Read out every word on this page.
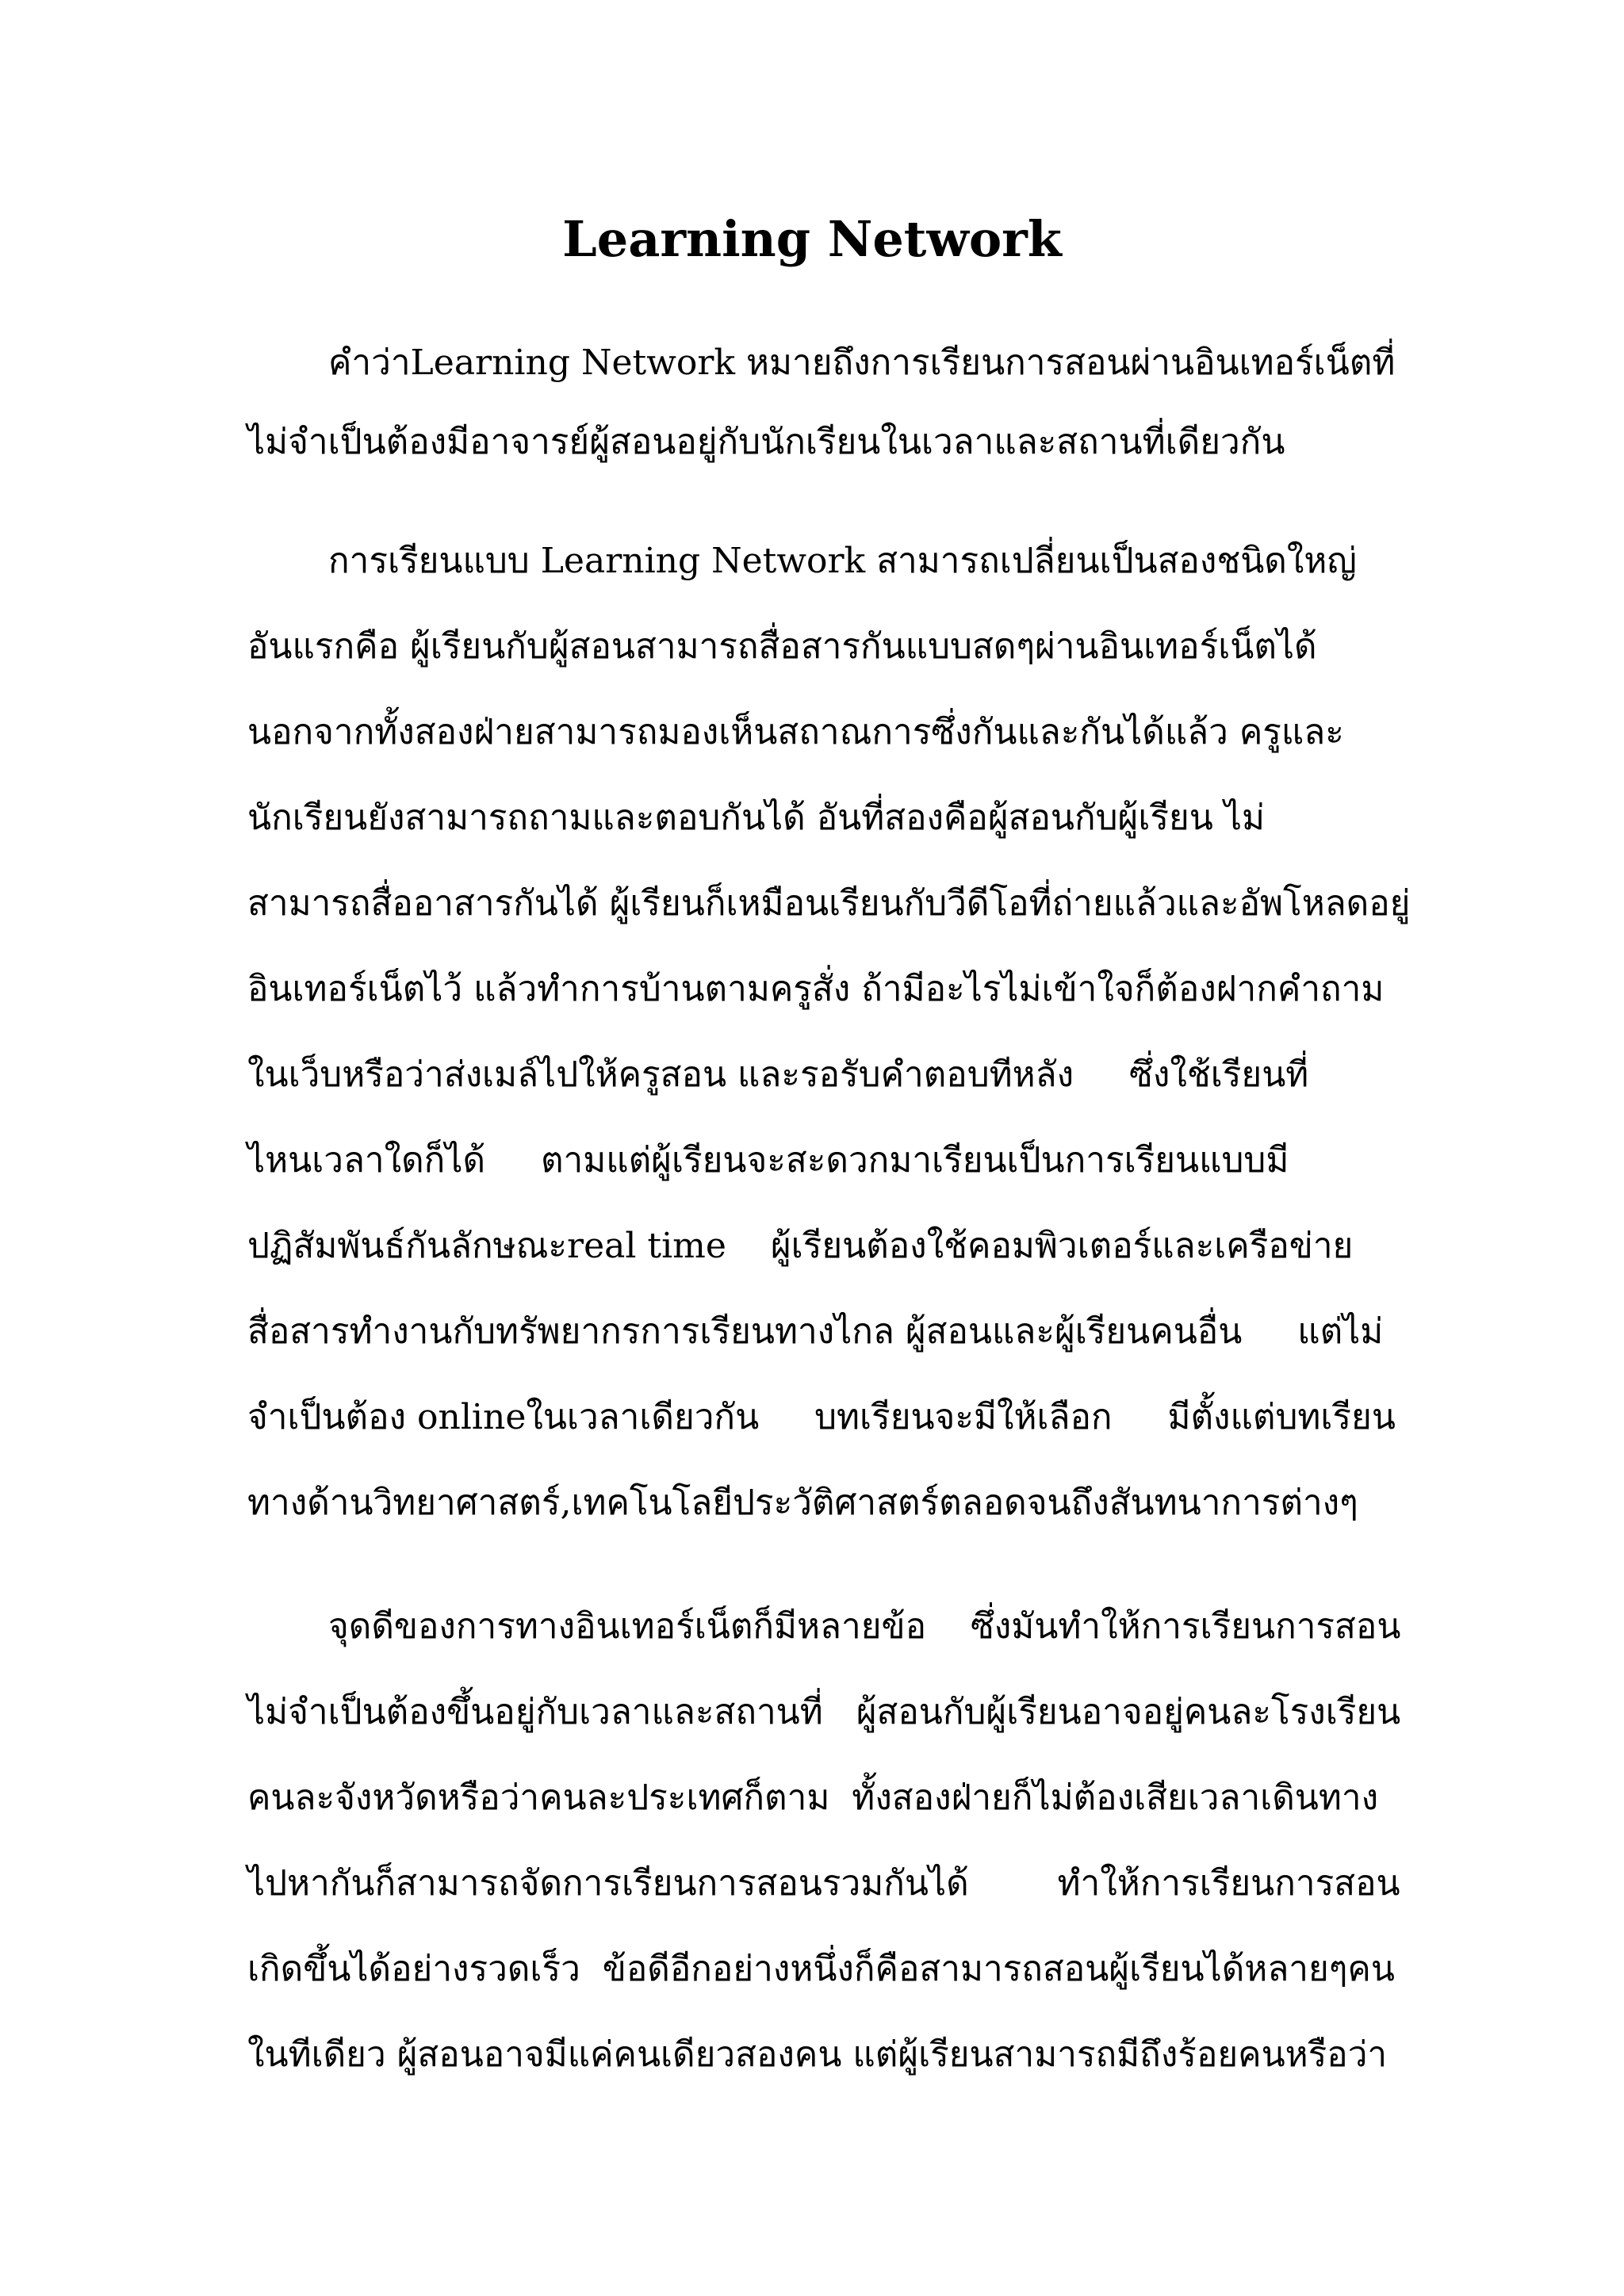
Learning Network
คำว่าLearning Network หมายถึงการเรียนการสอนผ่านอินเทอร์เน็ตที่
ไม่จำเป็นต้องมีอาจารย์ผู้สอนอยู่กับนักเรียนในเวลาและสถานที่เดียวกัน
การเรียนแบบ Learning Network สามารถเปลี่ยนเป็นสองชนิดใหญ่
อันแรกคือ ผู้เรียนกับผู้สอนสามารถสื่อสารกันแบบสดๆผ่านอินเทอร์เน็ตได้
นอกจากทั้งสองฝ่ายสามารถมองเห็นสถาณการซึ่งกันและกันได้แล้ว ครูและ
นักเรียนยังสามารถถามและตอบกันได้ อันที่สองคือผู้สอนกับผู้เรียน ไม่
สามารถสื่ออาสารกันได้ ผู้เรียนก็เหมือนเรียนกับวีดีโอที่ถ่ายแล้วและอัพโหลดอยู่
อินเทอร์เน็ตไว้ แล้วทำการบ้านตามครูสั่ง ถ้ามีอะไรไม่เข้าใจก็ต้องฝากคำถาม
ในเว็บหรือว่าส่งเมล์ไปให้ครูสอน และรอรับคำตอบทีหลัง     ซึ่งใช้เรียนที่
ไหนเวลาใดก็ได้     ตามแต่ผู้เรียนจะสะดวกมาเรียนเป็นการเรียนแบบมี
ปฏิสัมพันธ์กันลักษณะreal time    ผู้เรียนต้องใช้คอมพิวเตอร์และเครือข่าย
สื่อสารทำงานกับทรัพยากรการเรียนทางไกล ผู้สอนและผู้เรียนคนอื่น     แต่ไม่
จำเป็นต้อง onlineในเวลาเดียวกัน     บทเรียนจะมีให้เลือก     มีตั้งแต่บทเรียน
ทางด้านวิทยาศาสตร์,เทคโนโลยีประวัติศาสตร์ตลอดจนถึงสันทนาการต่างๆ
จุดดีของการทางอินเทอร์เน็ตก็มีหลายข้อ    ซึ่งมันทำให้การเรียนการสอน
ไม่จำเป็นต้องขึ้นอยู่กับเวลาและสถานที่   ผู้สอนกับผู้เรียนอาจอยู่คนละโรงเรียน
คนละจังหวัดหรือว่าคนละประเทศก็ตาม  ทั้งสองฝ่ายก็ไม่ต้องเสียเวลาเดินทาง
ไปหากันก็สามารถจัดการเรียนการสอนรวมกันได้        ทำให้การเรียนการสอน
เกิดขึ้นได้อย่างรวดเร็ว  ข้อดีอีกอย่างหนึ่งก็คือสามารถสอนผู้เรียนได้หลายๆคน
ในทีเดียว ผู้สอนอาจมีแค่คนเดียวสองคน แต่ผู้เรียนสามารถมีถึงร้อยคนหรือว่า
